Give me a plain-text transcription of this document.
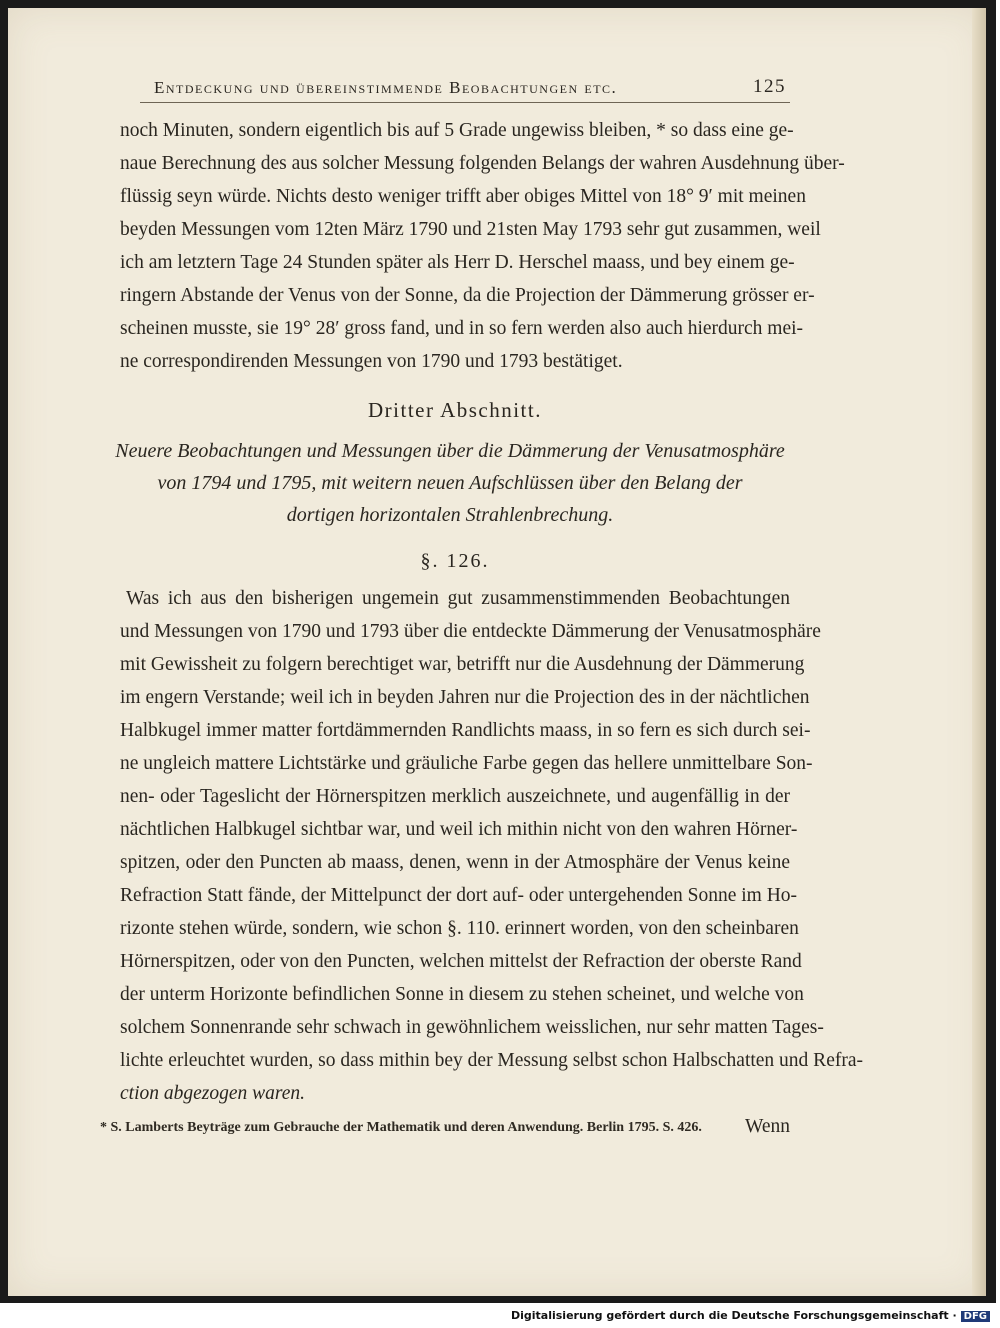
Entdeckung und übereinstimmende Beobachtungen etc.	125
noch Minuten, sondern eigentlich bis auf 5 Grade ungewiss bleiben, * so dass eine ge-
naue Berechnung des aus solcher Messung folgenden Belangs der wahren Ausdehnung über-
flüssig seyn würde. Nichts desto weniger trifft aber obiges Mittel von 18° 9′ mit meinen
beyden Messungen vom 12ten März 1790 und 21sten May 1793 sehr gut zusammen, weil
ich am letztern Tage 24 Stunden später als Herr D. Herschel maass, und bey einem ge-
ringern Abstande der Venus von der Sonne, da die Projection der Dämmerung grösser er-
scheinen musste, sie 19° 28′ gross fand, und in so fern werden also auch hierdurch mei-
ne correspondirenden Messungen von 1790 und 1793 bestätiget.
Dritter Abschnitt.
Neuere Beobachtungen und Messungen über die Dämmerung der Venusatmosphäre
von 1794 und 1795, mit weitern neuen Aufschlüssen über den Belang der
dortigen horizontalen Strahlenbrechung.
§. 126.
Was ich aus den bisherigen ungemein gut zusammenstimmenden Beobachtungen
und Messungen von 1790 und 1793 über die entdeckte Dämmerung der Venusatmosphäre
mit Gewissheit zu folgern berechtiget war, betrifft nur die Ausdehnung der Dämmerung
im engern Verstande; weil ich in beyden Jahren nur die Projection des in der nächtlichen
Halbkugel immer matter fortdämmernden Randlichts maass, in so fern es sich durch sei-
ne ungleich mattere Lichtstärke und gräuliche Farbe gegen das hellere unmittelbare Son-
nen- oder Tageslicht der Hörnerspitzen merklich auszeichnete, und augenfällig in der
nächtlichen Halbkugel sichtbar war, und weil ich mithin nicht von den wahren Hörner-
spitzen, oder den Puncten ab maass, denen, wenn in der Atmosphäre der Venus keine
Refraction Statt fände, der Mittelpunct der dort auf- oder untergehenden Sonne im Ho-
rizonte stehen würde, sondern, wie schon §. 110. erinnert worden, von den scheinbaren
Hörnerspitzen, oder von den Puncten, welchen mittelst der Refraction der oberste Rand
der unterm Horizonte befindlichen Sonne in diesem zu stehen scheinet, und welche von
solchem Sonnenrande sehr schwach in gewöhnlichem weisslichen, nur sehr matten Tages-
lichte erleuchtet wurden, so dass mithin bey der Messung selbst schon Halbschatten und Refra-
ction abgezogen waren.
Wenn
* S. Lamberts Beyträge zum Gebrauche der Mathematik und deren Anwendung. Berlin 1795. S. 426.
Digitalisierung gefördert durch die Deutsche Forschungsgemeinschaft · DFG
